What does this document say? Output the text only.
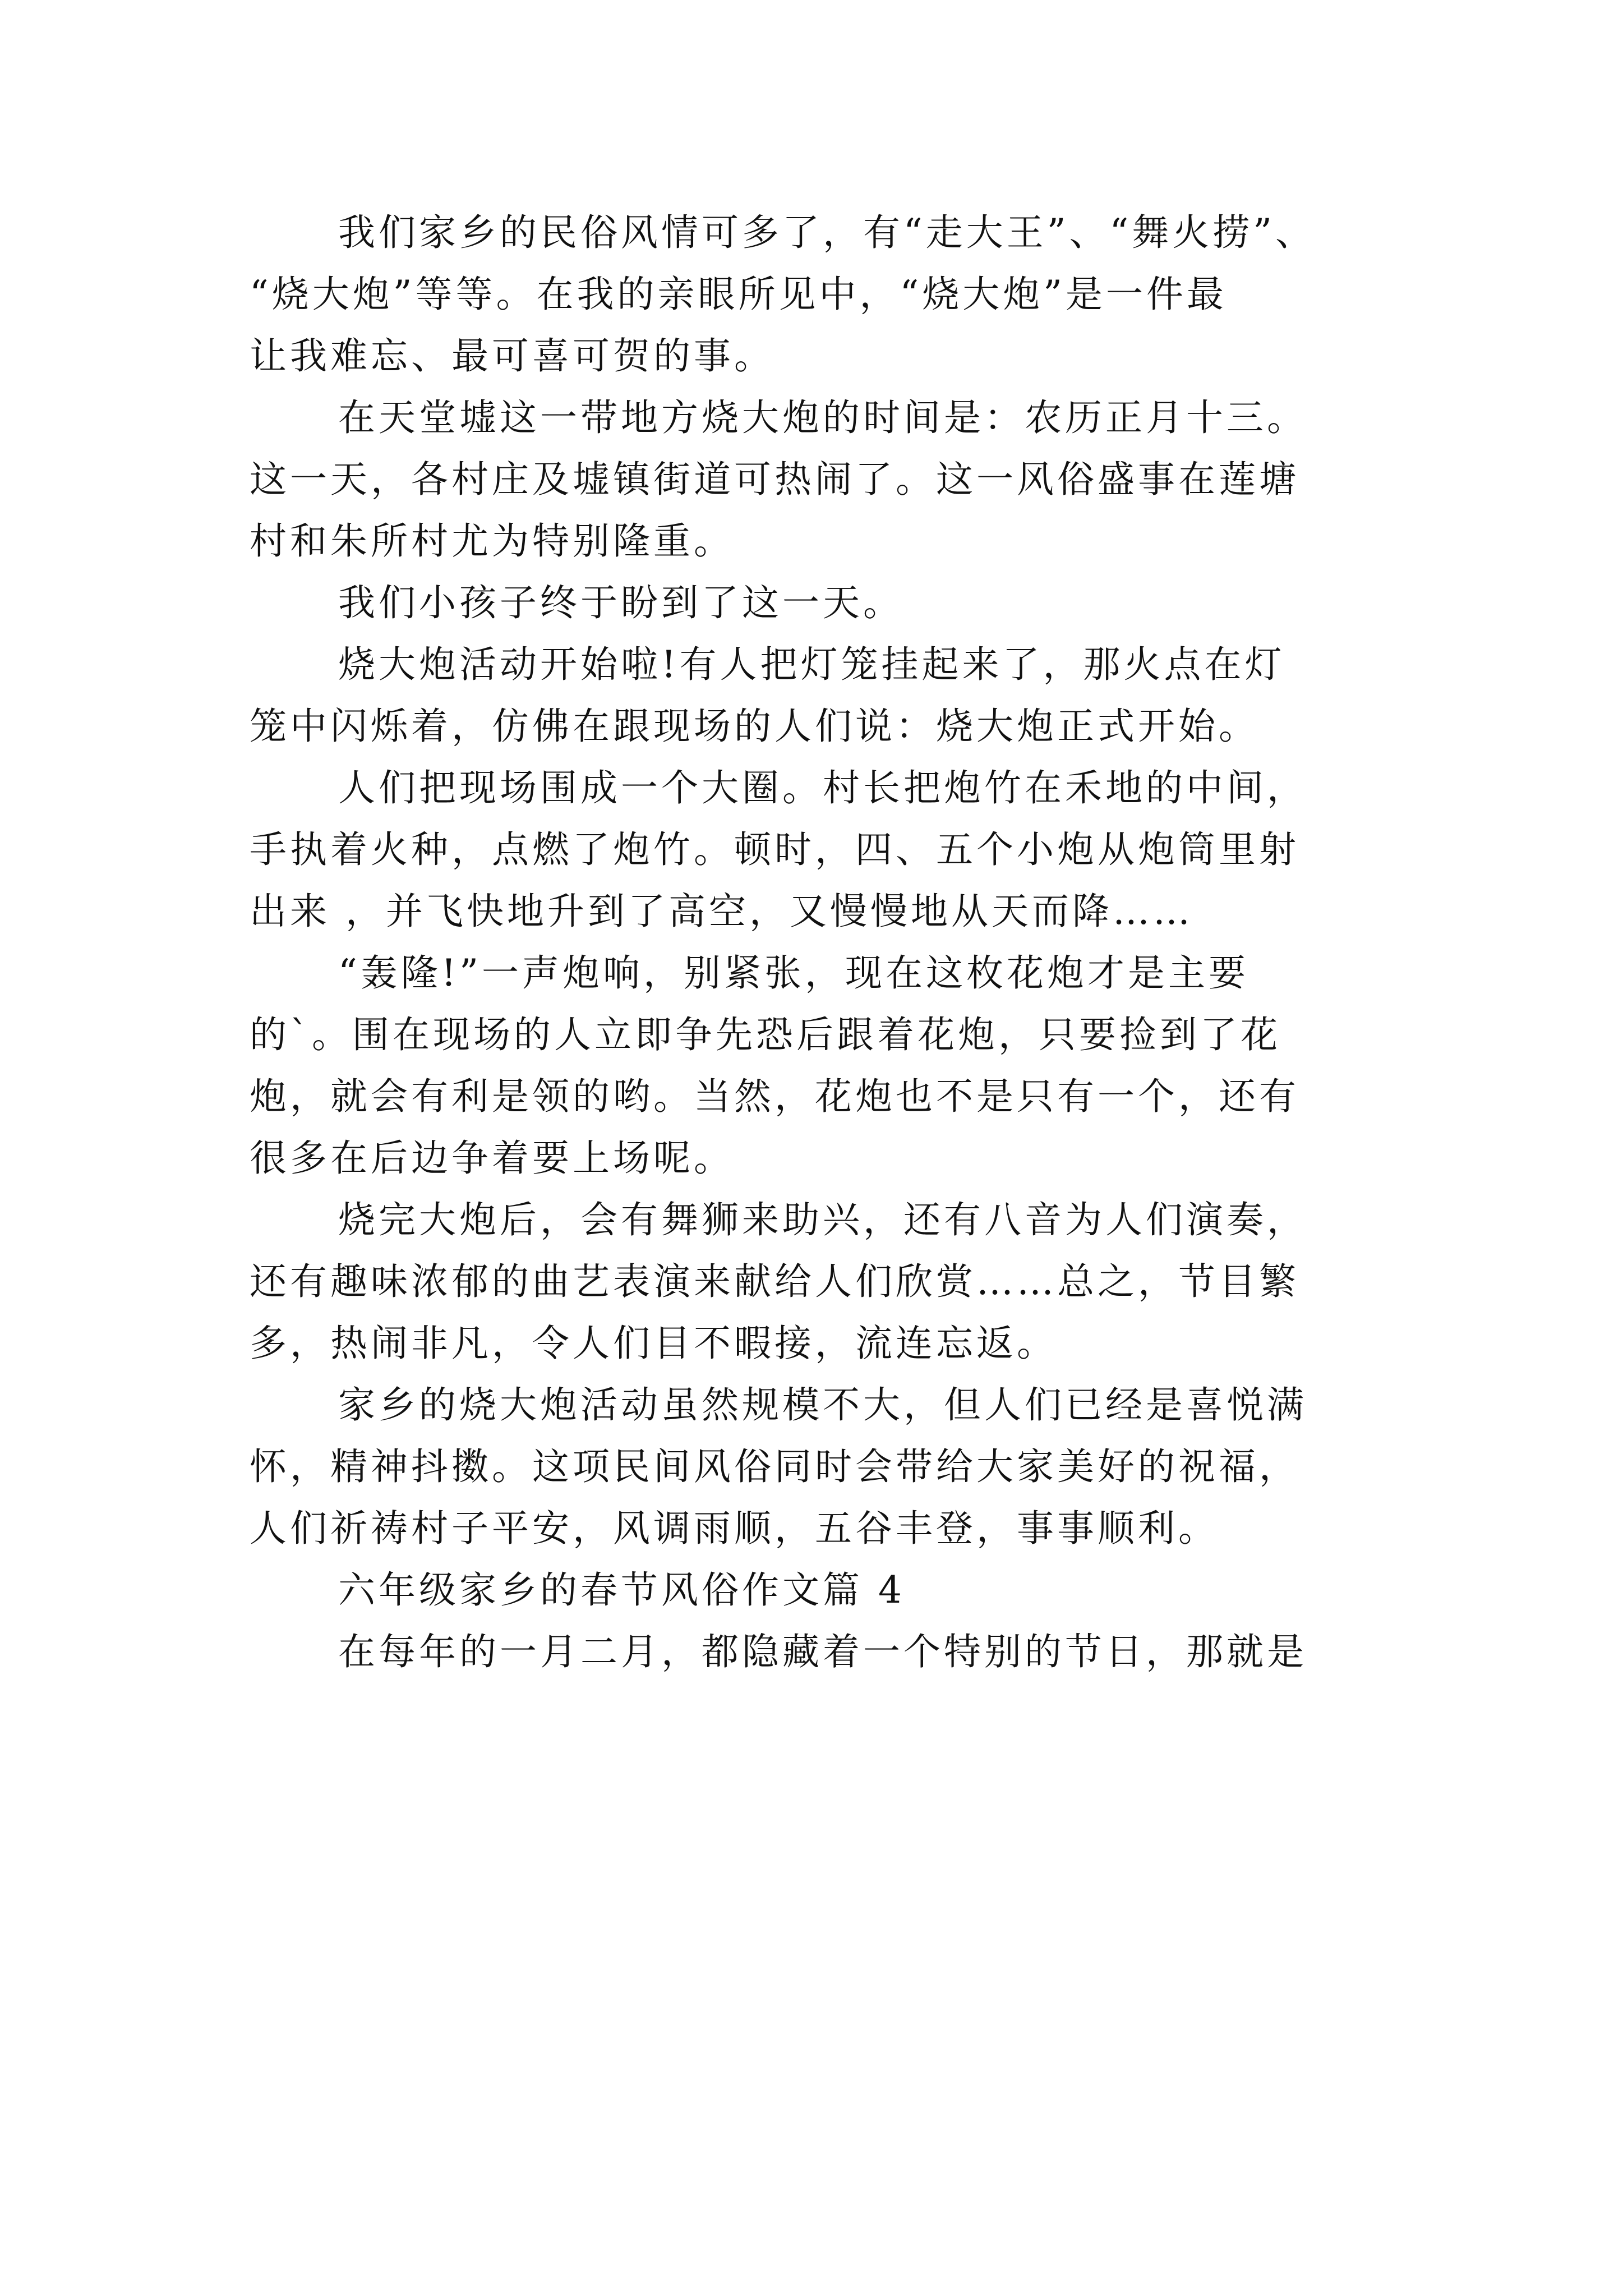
我们家乡的民俗风情可多了，有“走大王”、“舞火捞”、
“烧大炮”等等。在我的亲眼所见中，“烧大炮”是一件最
让我难忘、最可喜可贺的事。

在天堂墟这一带地方烧大炮的时间是：农历正月十三。
这一天，各村庄及墟镇街道可热闹了。这一风俗盛事在莲塘
村和朱所村尤为特别隆重。

我们小孩子终于盼到了这一天。

烧大炮活动开始啦!有人把灯笼挂起来了，那火点在灯
笼中闪烁着，仿佛在跟现场的人们说：烧大炮正式开始。

人们把现场围成一个大圈。村长把炮竹在禾地的中间，
手执着火种，点燃了炮竹。顿时，四、五个小炮从炮筒里射
出来 ，并飞快地升到了高空，又慢慢地从天而降……

“轰隆!”一声炮响，别紧张，现在这枚花炮才是主要
的`。围在现场的人立即争先恐后跟着花炮，只要捡到了花
炮，就会有利是领的哟。当然，花炮也不是只有一个，还有
很多在后边争着要上场呢。

烧完大炮后，会有舞狮来助兴，还有八音为人们演奏，
还有趣味浓郁的曲艺表演来献给人们欣赏……总之，节目繁
多，热闹非凡，令人们目不暇接，流连忘返。

家乡的烧大炮活动虽然规模不大，但人们已经是喜悦满
怀，精神抖擞。这项民间风俗同时会带给大家美好的祝福，
人们祈祷村子平安，风调雨顺，五谷丰登，事事顺利。

六年级家乡的春节风俗作文篇 4

在每年的一月二月，都隐藏着一个特别的节日，那就是
